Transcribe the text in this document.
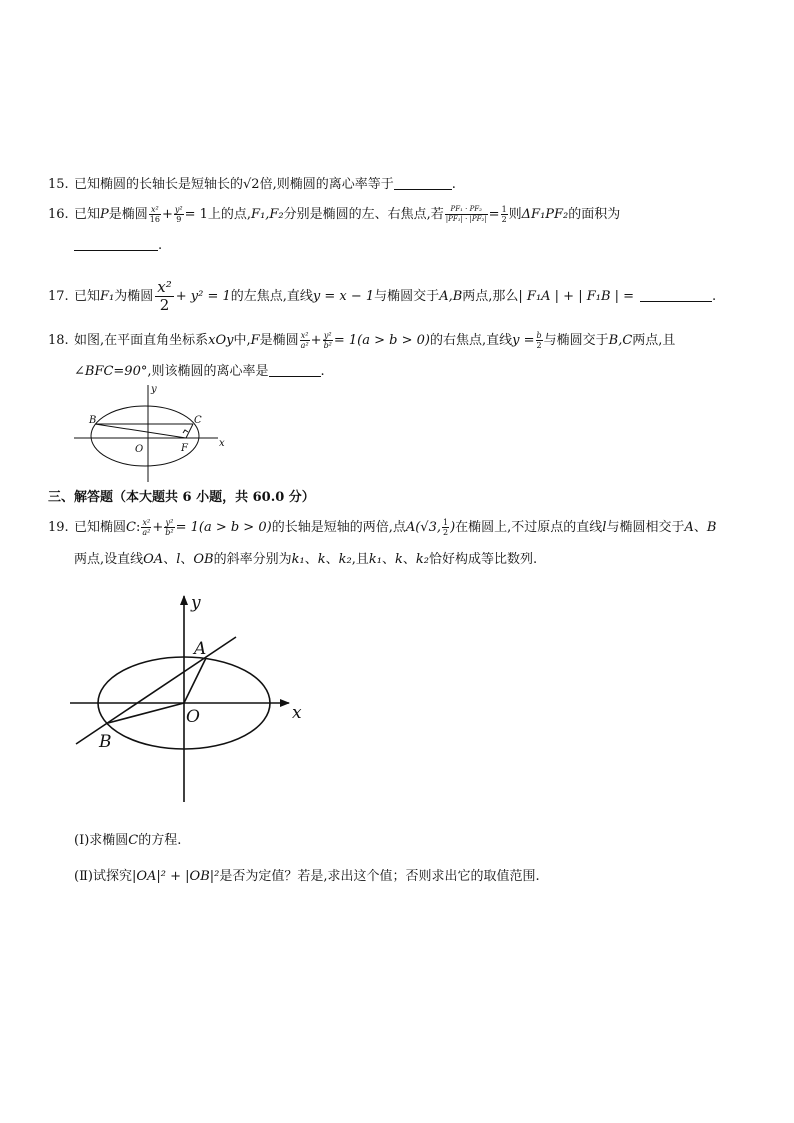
15. 已知椭圆的长轴长是短轴长的√2倍,则椭圆的离心率等于	.
16. 已知P是椭圆 $\frac{\text{x²}}{16} + \frac{\text{y²}}{9} = 1$上的点,F₁,F₂分别是椭圆的左、右焦点,若 $\frac{\text{PF₁ · PF₂}}{\text{|PF₁| · |PF₂|}} = \frac{1}{2}$ 则ΔF₁PF₂的面积为
.
17. 已知F₁为椭圆 $\frac{\text{x²}}{2} + y^2 = 1$的左焦点,直线y = x − 1与椭圆交于A,B两点,那么| F₁A | + | F₁B | =	.
18. 如图,在平面直角坐标系xOy中,F是椭圆 $\frac{\text{x²}}{\text{a²}} + \frac{\text{y²}}{\text{b²}} = 1(a > b > 0)$的右焦点,直线$y = \frac{b}{2}$ 与椭圆交于B,C两点,且
∠BFC=90°,则该椭圆的离心率是	.
B	C
O	F	x
y
三、解答题（本大题共 6 小题，共 60.0 分）
19. 已知椭圆C: $\frac{\text{x²}}{\text{a²}} + \frac{\text{y²}}{\text{b²}} = 1(a > b > 0)$的长轴是短轴的两倍,点A(√3, $\frac{1}{2}$ )在椭圆上,不过原点的直线l与椭圆相交于A、B
两点,设直线OA、l、OB的斜率分别为k₁、k、k₂,且k₁、k、k₂恰好构成等比数列.
A
B
O	x
y
(Ⅰ)求椭圆C的方程.
(Ⅱ)试探究|OA|² + |OB|²是否为定值？若是,求出这个值；否则求出它的取值范围.
